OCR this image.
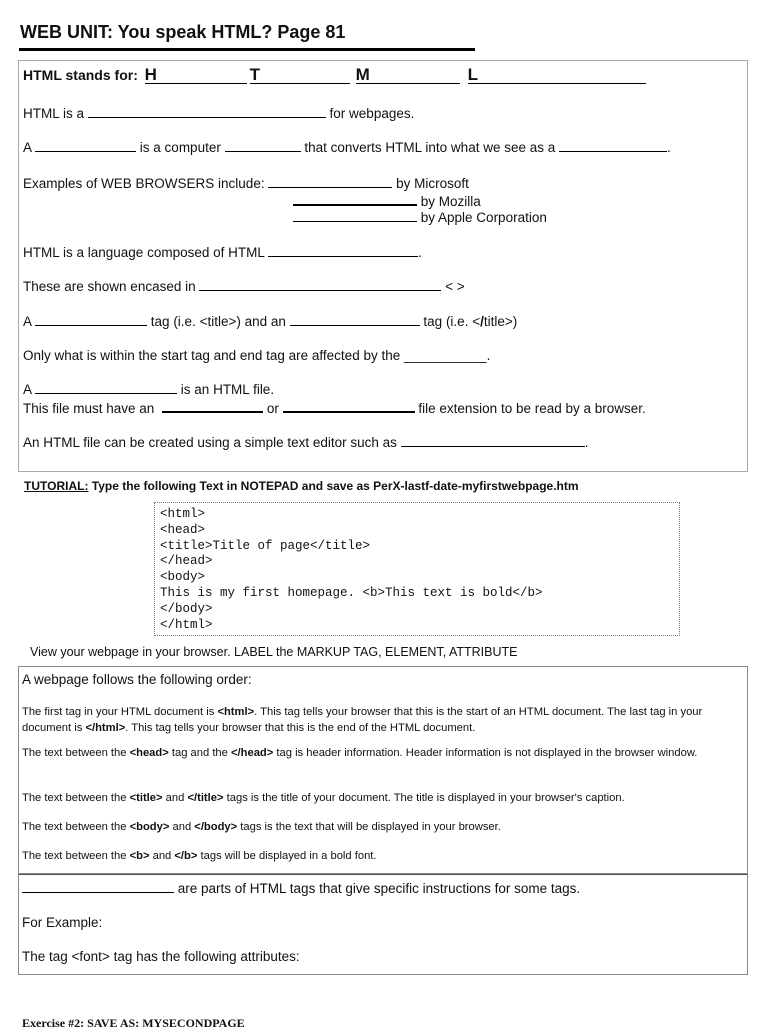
WEB UNIT: You speak HTML? Page 81
HTML stands for: H	T	M	L
HTML is a	for webpages.
A	is a computer	that converts HTML into what we see as a	.
Examples of WEB BROWSERS include:	by Microsoft
by Mozilla
by Apple Corporation
HTML is a language composed of HTML	.
These are shown encased in	< >
A	tag (i.e. <title>) and an	tag (i.e. </title>)
Only what is within the start tag and end tag are affected by the ___________.
A	is an HTML file.
This file must have an	or	file extension to be read by a browser.
An HTML file can be created using a simple text editor such as	.
TUTORIAL: Type the following Text in NOTEPAD and save as PerX-lastf-date-myfirstwebpage.htm
<html>
<head>
<title>Title of page</title>
</head>
<body>
This is my first homepage. <b>This text is bold</b>
</body>
</html>
View your webpage in your browser. LABEL the MARKUP TAG, ELEMENT, ATTRIBUTE
A webpage follows the following order:
The first tag in your HTML document is <html>. This tag tells your browser that this is the start of an HTML document. The last tag in your document is </html>. This tag tells your browser that this is the end of the HTML document.
The text between the <head> tag and the </head> tag is header information. Header information is not displayed in the browser window.
The text between the <title> and </title> tags is the title of your document. The title is displayed in your browser's caption.
The text between the <body> and </body> tags is the text that will be displayed in your browser.
The text between the <b> and </b> tags will be displayed in a bold font.
are parts of HTML tags that give specific instructions for some tags.
For Example:
The tag <font> tag has the following attributes:
Exercise #2: SAVE AS: MYSECONDPAGE
